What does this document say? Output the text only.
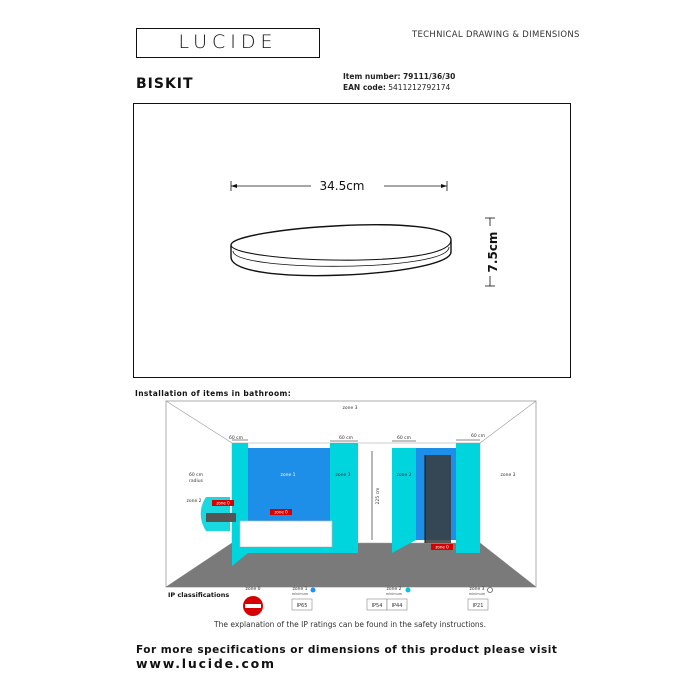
LUCIDE	TECHNICAL DRAWING & DIMENSIONS
BISKIT	Item number: 79111/36/30
EAN code: 5411212792174
34.5cm
7.5cm
Installation of items in bathroom:
zone 3
zone 1	zone 3	zone 2	zone 3
zone 2
60 cm	60 cm	60 cm	60 cm
60 cm
radius
225 cm
zone 0
zone 0
zone 0
IP classifications
zone 0	zone 1
minimum
IP65
zone 2
minimum
IP54 IP44
zone 3
minimum
IP21
The explanation of the IP ratings can be found in the safety instructions.
For more specifications or dimensions of this product please visit
www.lucide.com
